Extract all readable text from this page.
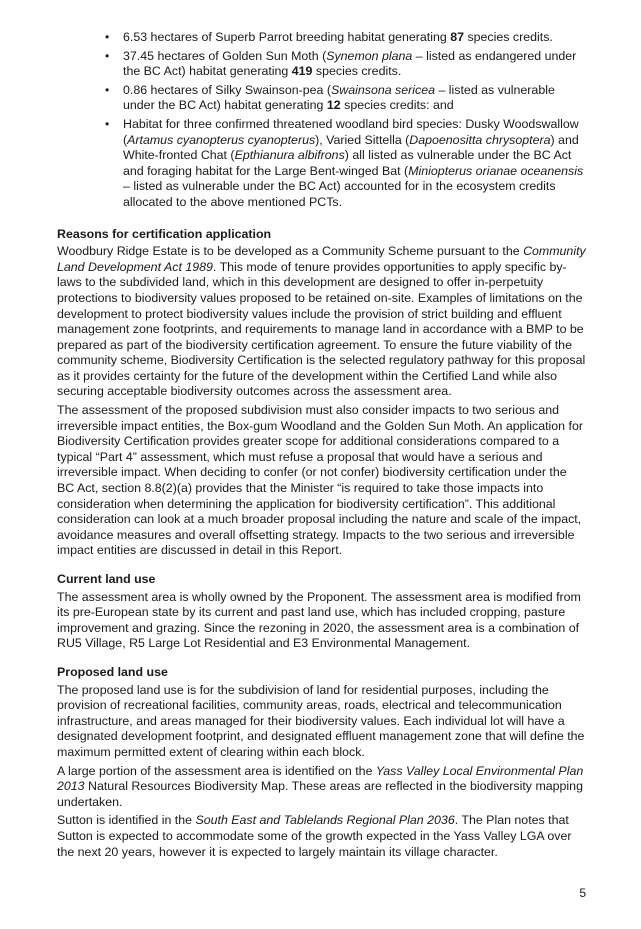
• 6.53 hectares of Superb Parrot breeding habitat generating 87 species credits.
• 37.45 hectares of Golden Sun Moth (Synemon plana – listed as endangered under the BC Act) habitat generating 419 species credits.
• 0.86 hectares of Silky Swainson-pea (Swainsona sericea – listed as vulnerable under the BC Act) habitat generating 12 species credits: and
• Habitat for three confirmed threatened woodland bird species: Dusky Woodswallow (Artamus cyanopterus cyanopterus), Varied Sittella (Dapoenositta chrysoptera) and White-fronted Chat (Epthianura albifrons) all listed as vulnerable under the BC Act and foraging habitat for the Large Bent-winged Bat (Miniopterus orianae oceanensis – listed as vulnerable under the BC Act) accounted for in the ecosystem credits allocated to the above mentioned PCTs.
Reasons for certification application

Woodbury Ridge Estate is to be developed as a Community Scheme pursuant to the Community Land Development Act 1989. This mode of tenure provides opportunities to apply specific by-laws to the subdivided land, which in this development are designed to offer in-perpetuity protections to biodiversity values proposed to be retained on-site. Examples of limitations on the development to protect biodiversity values include the provision of strict building and effluent management zone footprints, and requirements to manage land in accordance with a BMP to be prepared as part of the biodiversity certification agreement. To ensure the future viability of the community scheme, Biodiversity Certification is the selected regulatory pathway for this proposal as it provides certainty for the future of the development within the Certified Land while also securing acceptable biodiversity outcomes across the assessment area.

The assessment of the proposed subdivision must also consider impacts to two serious and irreversible impact entities, the Box-gum Woodland and the Golden Sun Moth. An application for Biodiversity Certification provides greater scope for additional considerations compared to a typical “Part 4” assessment, which must refuse a proposal that would have a serious and irreversible impact. When deciding to confer (or not confer) biodiversity certification under the BC Act, section 8.8(2)(a) provides that the Minister “is required to take those impacts into consideration when determining the application for biodiversity certification”. This additional consideration can look at a much broader proposal including the nature and scale of the impact, avoidance measures and overall offsetting strategy. Impacts to the two serious and irreversible impact entities are discussed in detail in this Report.

Current land use

The assessment area is wholly owned by the Proponent. The assessment area is modified from its pre-European state by its current and past land use, which has included cropping, pasture improvement and grazing. Since the rezoning in 2020, the assessment area is a combination of RU5 Village, R5 Large Lot Residential and E3 Environmental Management.

Proposed land use

The proposed land use is for the subdivision of land for residential purposes, including the provision of recreational facilities, community areas, roads, electrical and telecommunication infrastructure, and areas managed for their biodiversity values. Each individual lot will have a designated development footprint, and designated effluent management zone that will define the maximum permitted extent of clearing within each block.

A large portion of the assessment area is identified on the Yass Valley Local Environmental Plan 2013 Natural Resources Biodiversity Map. These areas are reflected in the biodiversity mapping undertaken.

Sutton is identified in the South East and Tablelands Regional Plan 2036. The Plan notes that Sutton is expected to accommodate some of the growth expected in the Yass Valley LGA over the next 20 years, however it is expected to largely maintain its village character.

5
